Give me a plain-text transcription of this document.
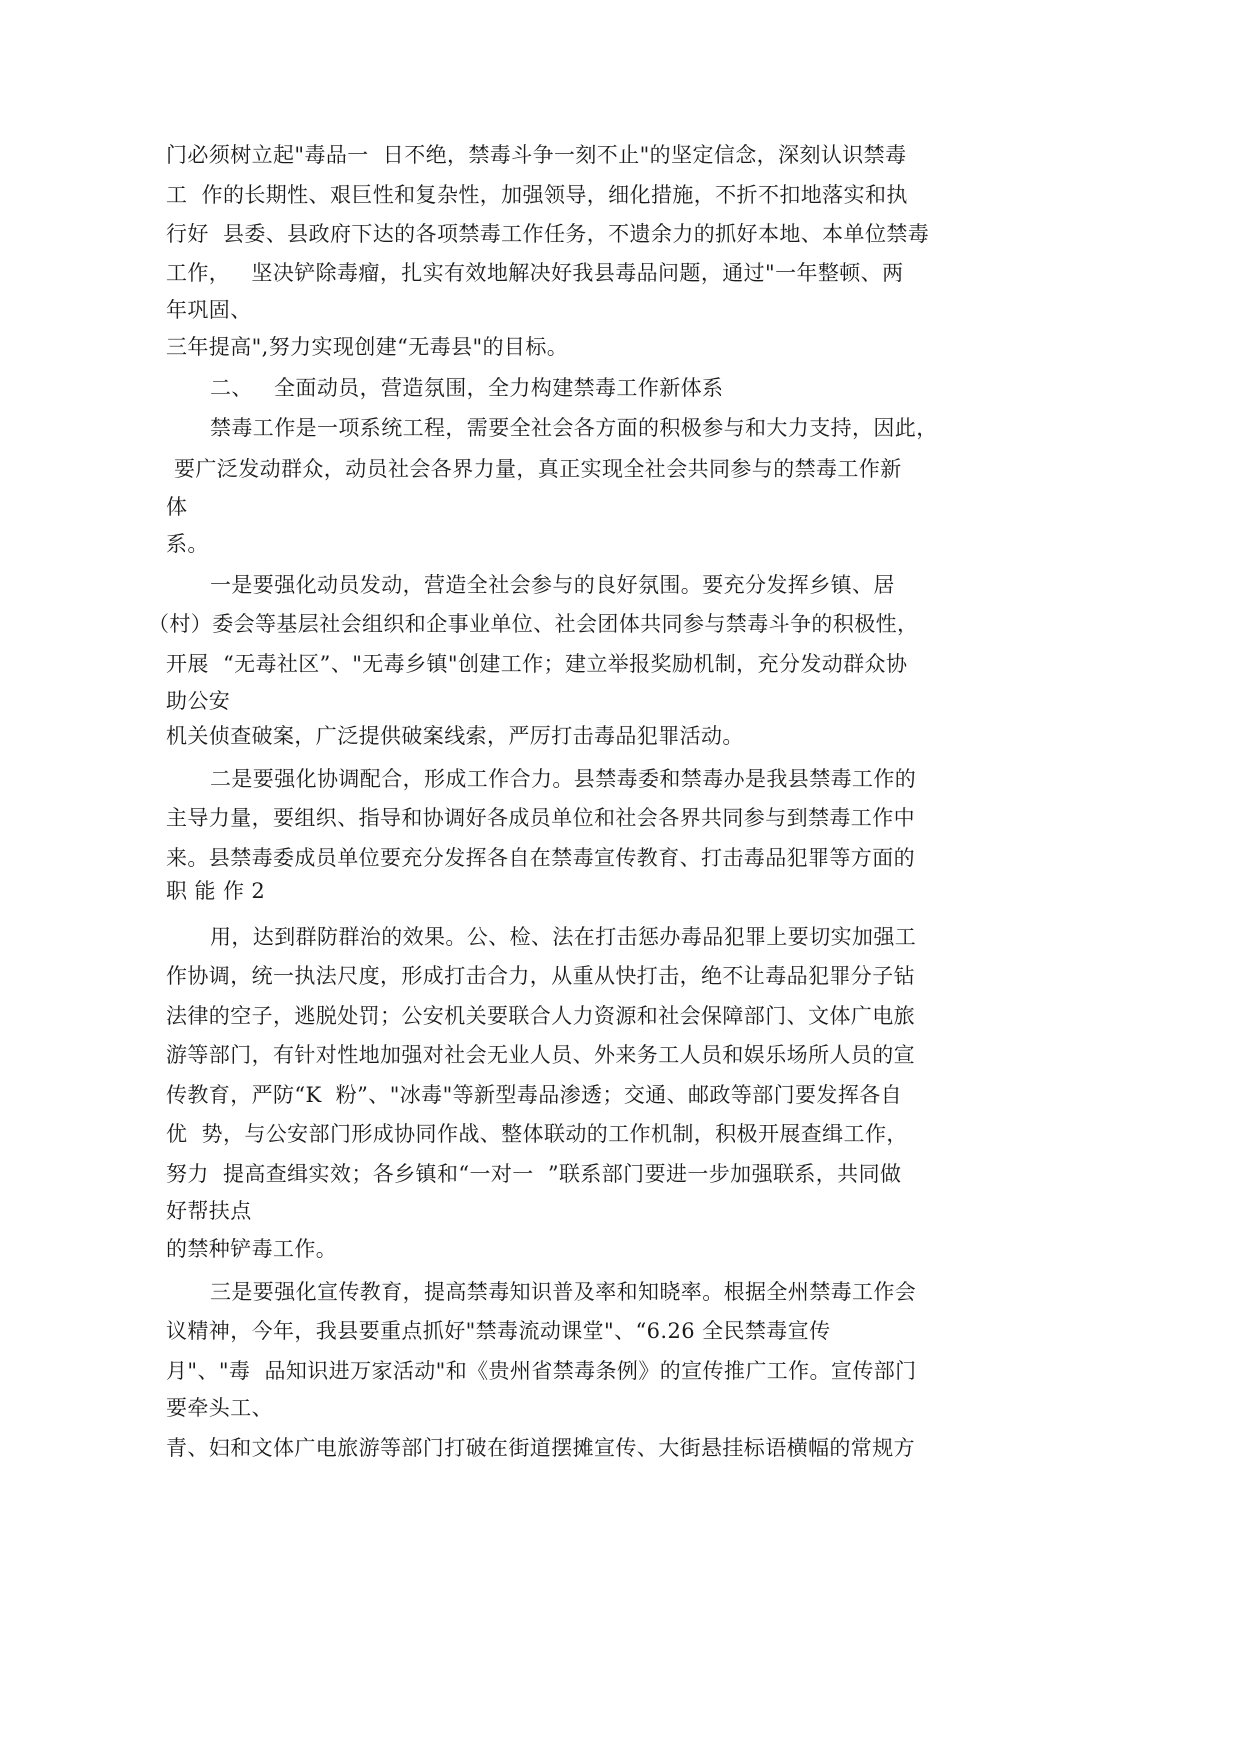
门必须树立起"毒品一  日不绝，禁毒斗争一刻不止"的坚定信念，深刻认识禁毒
工  作的长期性、艰巨性和复杂性，加强领导，细化措施，不折不扣地落实和执
行好  县委、县政府下达的各项禁毒工作任务，不遗余力的抓好本地、本单位禁毒
工作，   坚决铲除毒瘤，扎实有效地解决好我县毒品问题，通过"一年整顿、两
年巩固、
三年提高",努力实现创建“无毒县"的目标。
二、   全面动员，营造氛围，全力构建禁毒工作新体系
禁毒工作是一项系统工程，需要全社会各方面的积极参与和大力支持，因此，
要广泛发动群众，动员社会各界力量，真正实现全社会共同参与的禁毒工作新
体
系。
一是要强化动员发动，营造全社会参与的良好氛围。要充分发挥乡镇、居
（村）委会等基层社会组织和企事业单位、社会团体共同参与禁毒斗争的积极性，
开展  “无毒社区”、"无毒乡镇"创建工作；建立举报奖励机制，充分发动群众协
助公安
机关侦查破案，广泛提供破案线索，严厉打击毒品犯罪活动。
二是要强化协调配合，形成工作合力。县禁毒委和禁毒办是我县禁毒工作的
主导力量，要组织、指导和协调好各成员单位和社会各界共同参与到禁毒工作中
来。县禁毒委成员单位要充分发挥各自在禁毒宣传教育、打击毒品犯罪等方面的
职 能 作 2
用，达到群防群治的效果。公、检、法在打击惩办毒品犯罪上要切实加强工
作协调，统一执法尺度，形成打击合力，从重从快打击，绝不让毒品犯罪分子钻
法律的空子，逃脱处罚；公安机关要联合人力资源和社会保障部门、文体广电旅
游等部门，有针对性地加强对社会无业人员、外来务工人员和娱乐场所人员的宣
传教育，严防“K  粉”、"冰毒"等新型毒品渗透；交通、邮政等部门要发挥各自
优  势，与公安部门形成协同作战、整体联动的工作机制，积极开展查缉工作，
努力  提高查缉实效；各乡镇和“一对一  ”联系部门要进一步加强联系，共同做
好帮扶点
的禁种铲毒工作。
三是要强化宣传教育，提高禁毒知识普及率和知晓率。根据全州禁毒工作会
议精神，今年，我县要重点抓好"禁毒流动课堂"、“6.26 全民禁毒宣传
月"、"毒  品知识进万家活动"和《贵州省禁毒条例》的宣传推广工作。宣传部门
要牵头工、
青、妇和文体广电旅游等部门打破在街道摆摊宣传、大街悬挂标语横幅的常规方
